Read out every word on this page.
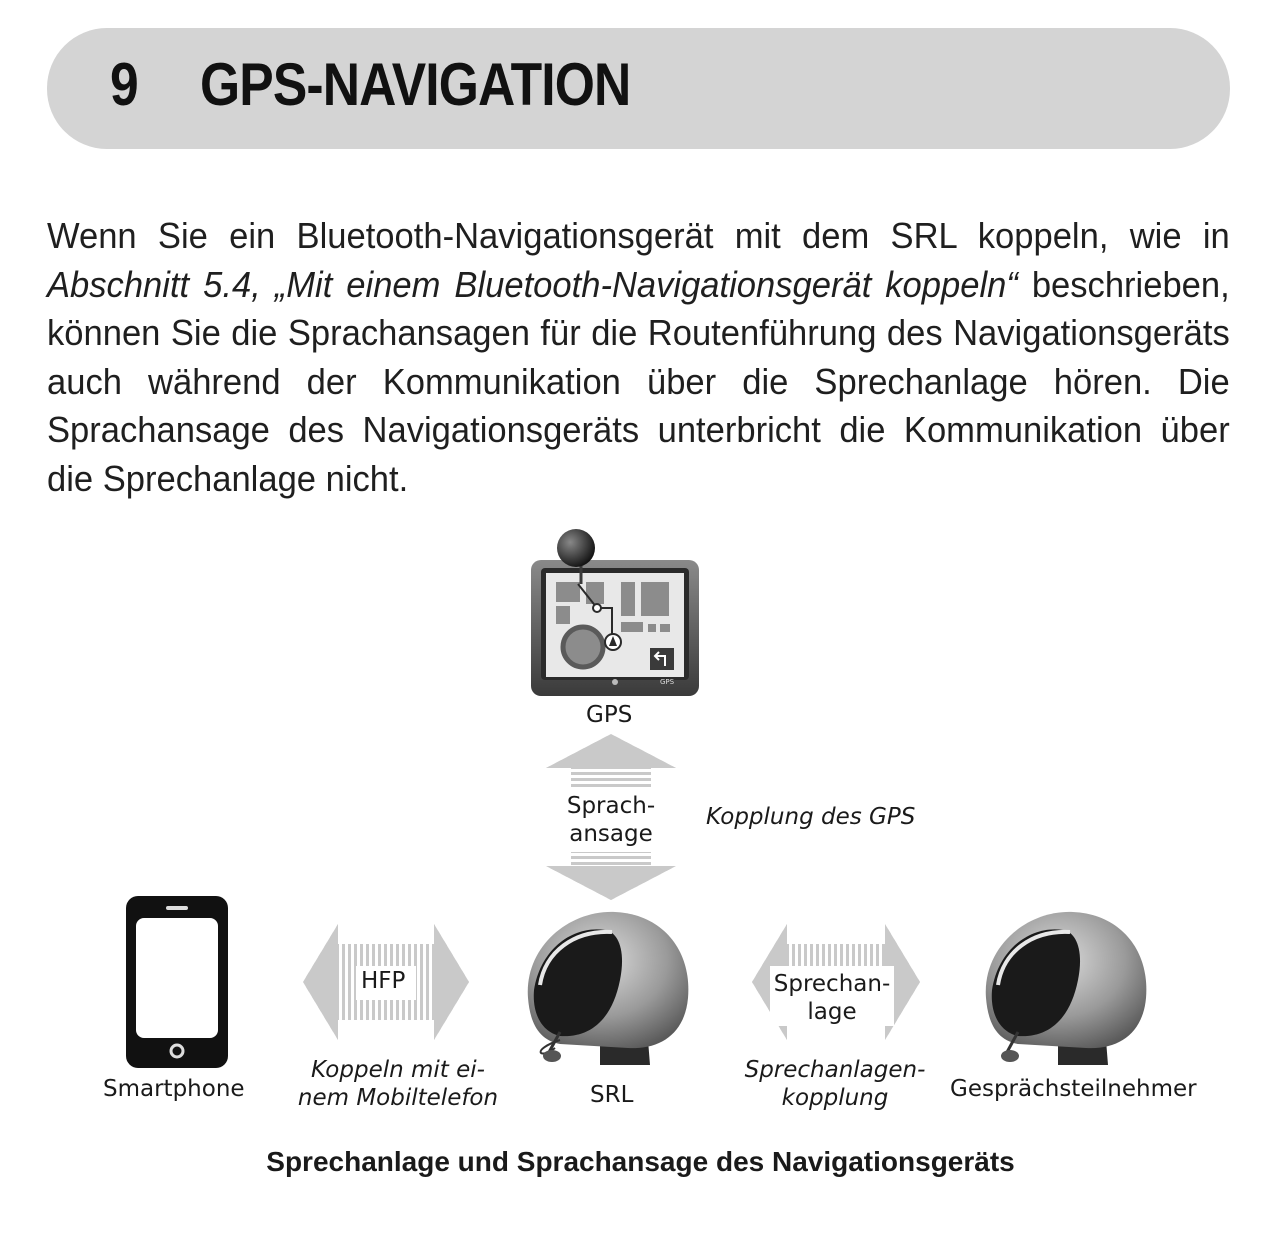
9 GPS-NAVIGATION
Wenn Sie ein Bluetooth-Navigationsgerät mit dem SRL koppeln, wie in Abschnitt 5.4, „Mit einem Bluetooth-Navigationsgerät koppeln“ beschrieben, können Sie die Sprachansagen für die Routenführung des Navigationsgeräts auch während der Kommunikation über die Sprechanlage hören. Die Sprachansage des Navigationsgeräts unterbricht die Kommunikation über die Sprechanlage nicht.
GPS
GPS
Sprach-
ansage
Kopplung des GPS
HFP	Sprechan-
lage
Smartphone
Koppeln mit ei-
nem Mobiltelefon	SRL
Sprechanlagen-
kopplung	Gesprächsteilnehmer
Sprechanlage und Sprachansage des Navigationsgeräts
